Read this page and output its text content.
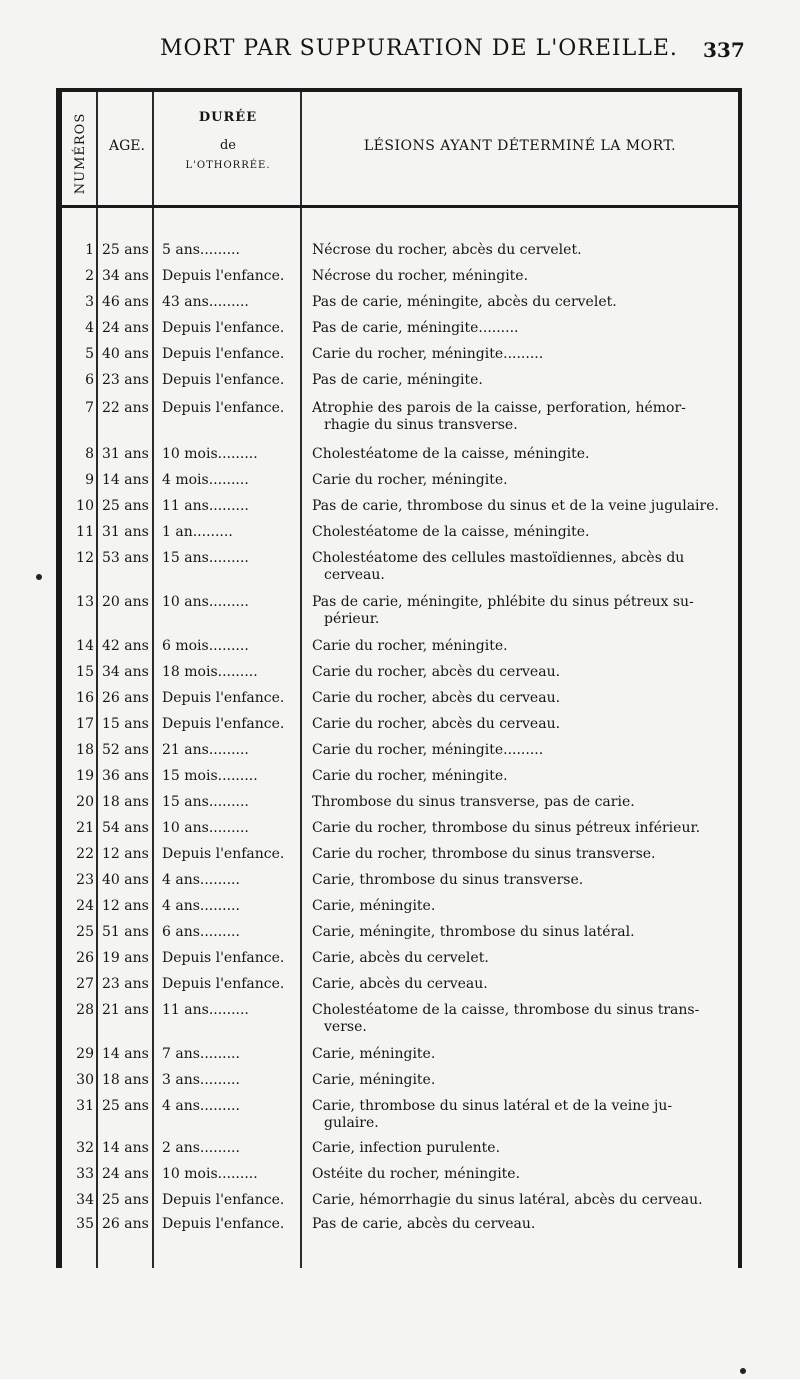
MORT PAR SUPPURATION DE L'OREILLE. 337
NUMÉROS	AGE.
DURÉE
de
L'OTHORRÉE.
LÉSIONS AYANT DÉTERMINÉ LA MORT.
1 25 ans 5 ans.........	Nécrose du rocher, abcès du cervelet.
2 34 ans Depuis l'enfance.	Nécrose du rocher, méningite.
3 46 ans 43 ans.........	Pas de carie, méningite, abcès du cervelet.
4 24 ans Depuis l'enfance.	Pas de carie, méningite.........
5 40 ans Depuis l'enfance.	Carie du rocher, méningite.........
6 23 ans Depuis l'enfance.	Pas de carie, méningite.
7 22 ans Depuis l'enfance.	Atrophie des parois de la caisse, perforation, hémor-
rhagie du sinus transverse.
8 31 ans 10 mois.........	Cholestéatome de la caisse, méningite.
9 14 ans 4 mois.........	Carie du rocher, méningite.
10 25 ans 11 ans.........	Pas de carie, thrombose du sinus et de la veine jugulaire.
11 31 ans 1 an.........	Cholestéatome de la caisse, méningite.
12 53 ans 15 ans.........	Cholestéatome des cellules mastoïdiennes, abcès du
cerveau.
13 20 ans 10 ans.........	Pas de carie, méningite, phlébite du sinus pétreux su-
périeur.
14 42 ans 6 mois.........	Carie du rocher, méningite.
15 34 ans 18 mois.........	Carie du rocher, abcès du cerveau.
16 26 ans Depuis l'enfance.	Carie du rocher, abcès du cerveau.
17 15 ans Depuis l'enfance.	Carie du rocher, abcès du cerveau.
18 52 ans 21 ans.........	Carie du rocher, méningite.........
19 36 ans 15 mois.........	Carie du rocher, méningite.
20 18 ans 15 ans.........	Thrombose du sinus transverse, pas de carie.
21 54 ans 10 ans.........	Carie du rocher, thrombose du sinus pétreux inférieur.
22 12 ans Depuis l'enfance.	Carie du rocher, thrombose du sinus transverse.
23 40 ans 4 ans.........	Carie, thrombose du sinus transverse.
24 12 ans 4 ans.........	Carie, méningite.
25 51 ans 6 ans.........	Carie, méningite, thrombose du sinus latéral.
26 19 ans Depuis l'enfance.	Carie, abcès du cervelet.
27 23 ans Depuis l'enfance.	Carie, abcès du cerveau.
28 21 ans 11 ans.........	Cholestéatome de la caisse, thrombose du sinus trans-
verse.
29 14 ans 7 ans.........	Carie, méningite.
30 18 ans 3 ans.........	Carie, méningite.
31 25 ans 4 ans.........	Carie, thrombose du sinus latéral et de la veine ju-
gulaire.
32 14 ans 2 ans.........	Carie, infection purulente.
33 24 ans 10 mois.........	Ostéite du rocher, méningite.
34 25 ans Depuis l'enfance.	Carie, hémorrhagie du sinus latéral, abcès du cerveau.
35 26 ans Depuis l'enfance.	Pas de carie, abcès du cerveau.
